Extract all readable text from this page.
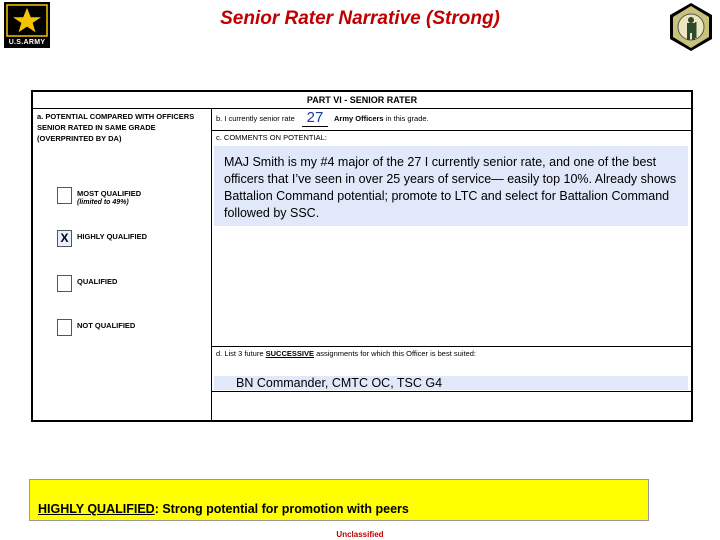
U.S.ARMY
Senior Rater Narrative (Strong)
PART VI - SENIOR RATER
a. POTENTIAL COMPARED WITH OFFICERS SENIOR RATED IN SAME GRADE (OVERPRINTED BY DA)
MOST QUALIFIED
(limited to 49%)
X	HIGHLY QUALIFIED
QUALIFIED
NOT QUALIFIED
b. I currently senior rate 27	Army Officers in this grade.
c. COMMENTS ON POTENTIAL:
MAJ Smith is my #4 major of the 27 I currently senior rate, and one of the best officers that I’ve seen in over 25 years of service— easily top 10%. Already shows Battalion Command potential; promote to LTC and select for Battalion Command followed by SSC.
d. List 3 future SUCCESSIVE assignments for which this Officer is best suited:
BN Commander, CMTC OC, TSC G4
HIGHLY QUALIFIED: Strong potential for promotion with peers
Unclassified
